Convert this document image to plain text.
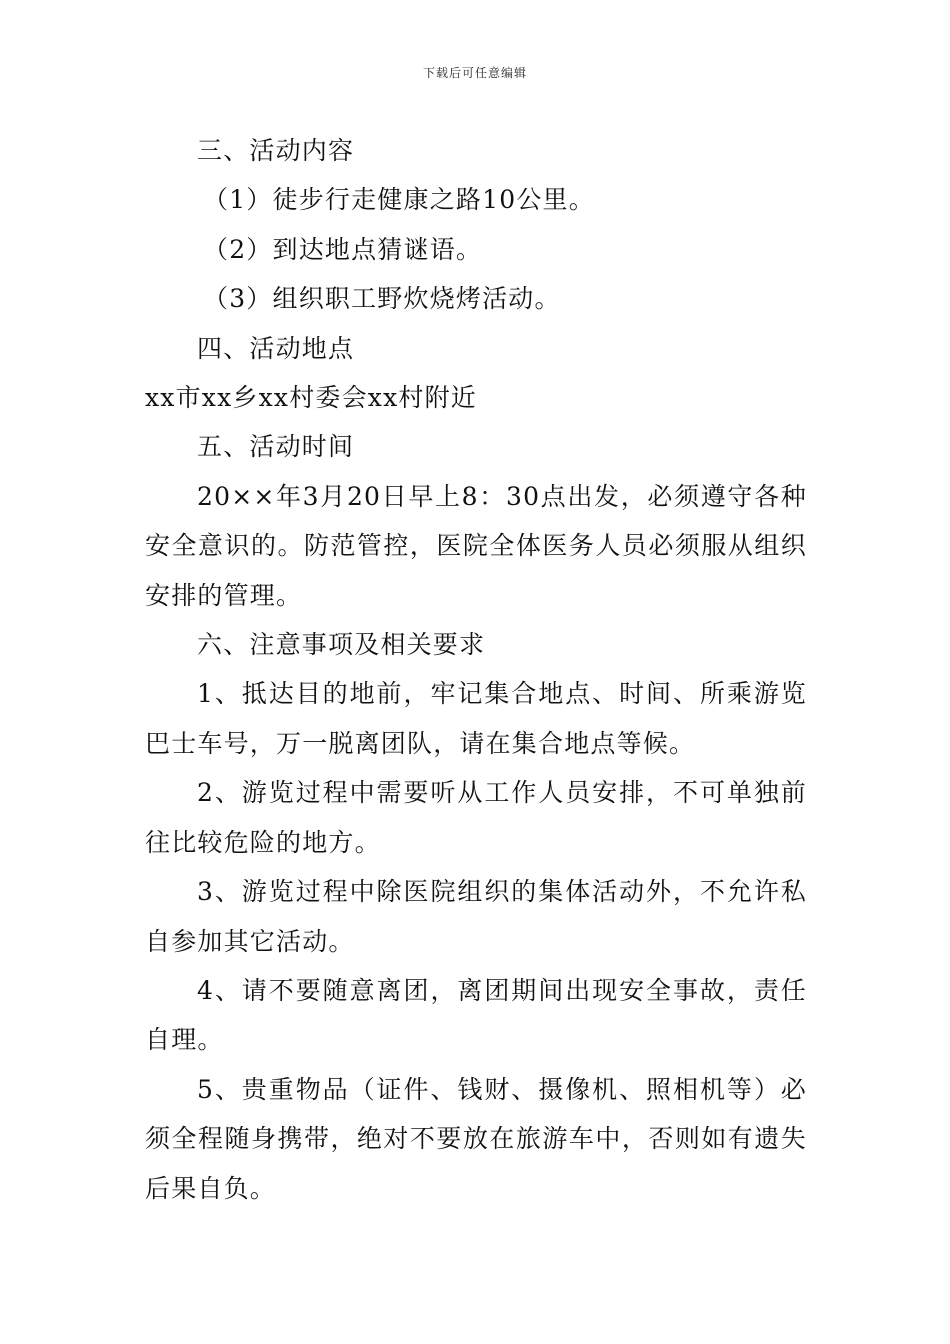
下载后可任意编辑

三、活动内容

（1）徒步行走健康之路10公里。

（2）到达地点猜谜语。

（3）组织职工野炊烧烤活动。

四、活动地点

xx市xx乡xx村委会xx村附近

五、活动时间

20××年3月20日早上8：30点出发，必须遵守各种安全意识的。防范管控，医院全体医务人员必须服从组织安排的管理。

六、注意事项及相关要求

1、抵达目的地前，牢记集合地点、时间、所乘游览巴士车号，万一脱离团队，请在集合地点等候。

2、游览过程中需要听从工作人员安排，不可单独前往比较危险的地方。

3、游览过程中除医院组织的集体活动外，不允许私自参加其它活动。

4、请不要随意离团，离团期间出现安全事故，责任自理。

5、贵重物品（证件、钱财、摄像机、照相机等）必须全程随身携带，绝对不要放在旅游车中，否则如有遗失后果自负。
